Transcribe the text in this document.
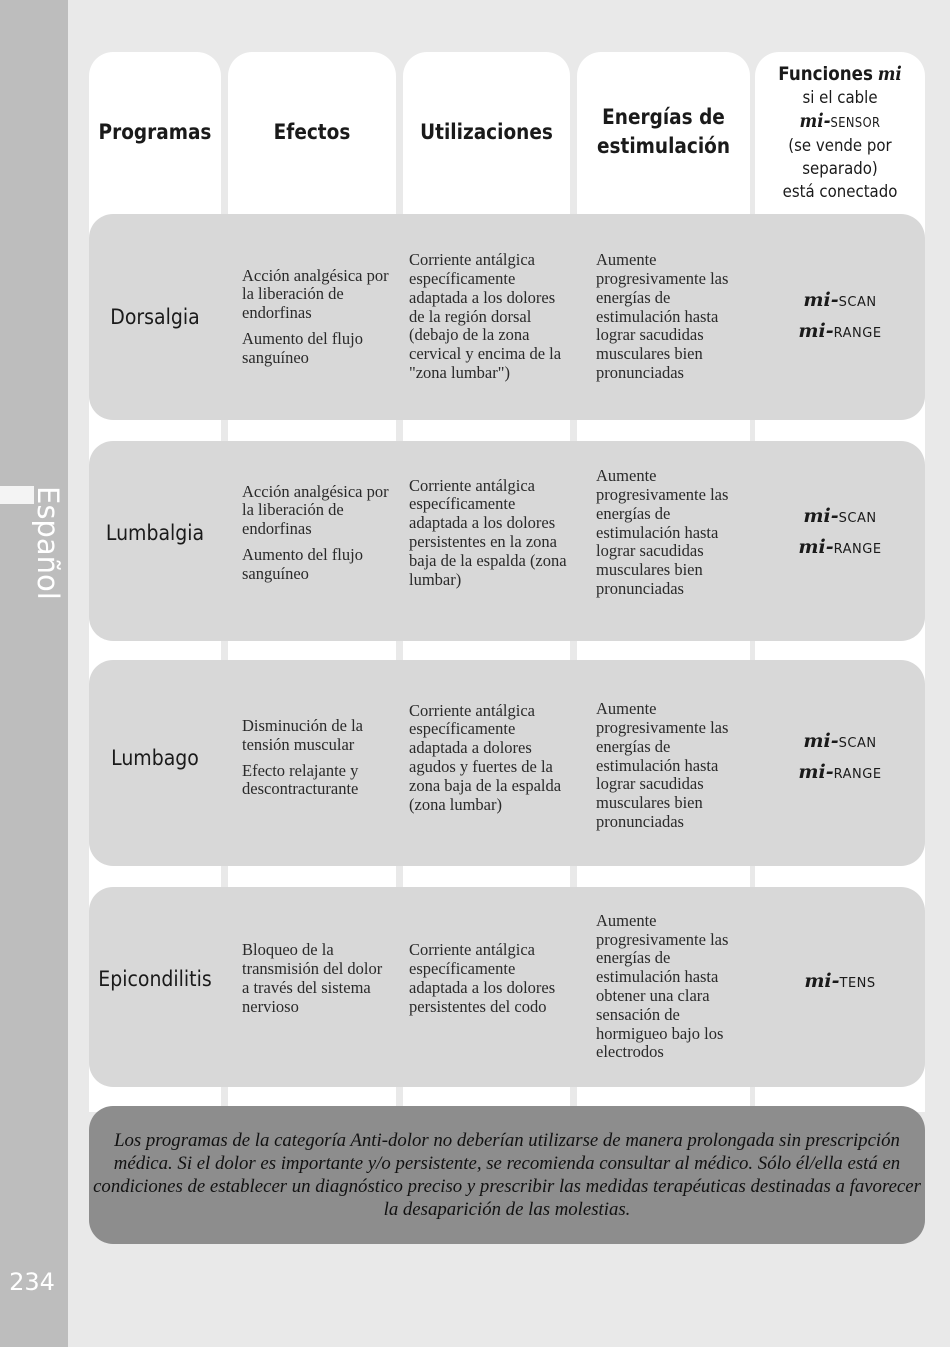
Español
234
Programas	Efectos	Utilizaciones
Energías de estimulación
Funciones mi
si el cable
mi-SENSOR
(se vende por separado)
está conectado
Dorsalgia

Acción analgésica por la liberación de endorfinas

Aumento del flujo sanguíneo

Corriente antálgica específicamente adaptada a los dolores de la región dorsal (debajo de la zona cervical y encima de la "zona lumbar")

Aumente progresivamente las energías de estimulación hasta lograr sacudidas musculares bien pronunciadas

mi-SCAN
mi-RANGE
Lumbalgia

Acción analgésica por la liberación de endorfinas

Aumento del flujo sanguíneo

Corriente antálgica específicamente adaptada a los dolores persistentes en la zona baja de la espalda (zona lumbar)

Aumente progresivamente las energías de estimulación hasta lograr sacudidas musculares bien pronunciadas

mi-SCAN
mi-RANGE
Lumbago

Disminución de la tensión muscular

Efecto relajante y descontracturante

Corriente antálgica específicamente adaptada a dolores agudos y fuertes de la zona baja de la espalda (zona lumbar)

Aumente progresivamente las energías de estimulación hasta lograr sacudidas musculares bien pronunciadas

mi-SCAN
mi-RANGE
Epicondilitis

Bloqueo de la transmisión del dolor a través del sistema nervioso

Corriente antálgica específicamente adaptada a los dolores persistentes del codo

Aumente progresivamente las energías de estimulación hasta obtener una clara sensación de hormigueo bajo los electrodos

mi-TENS
Los programas de la categoría Anti-dolor no deberían utilizarse de manera prolongada sin prescripción médica. Si el dolor es importante y/o persistente, se recomienda consultar al médico. Sólo él/ella está en condiciones de establecer un diagnóstico preciso y prescribir las medidas terapéuticas destinadas a favorecer la desaparición de las molestias.
